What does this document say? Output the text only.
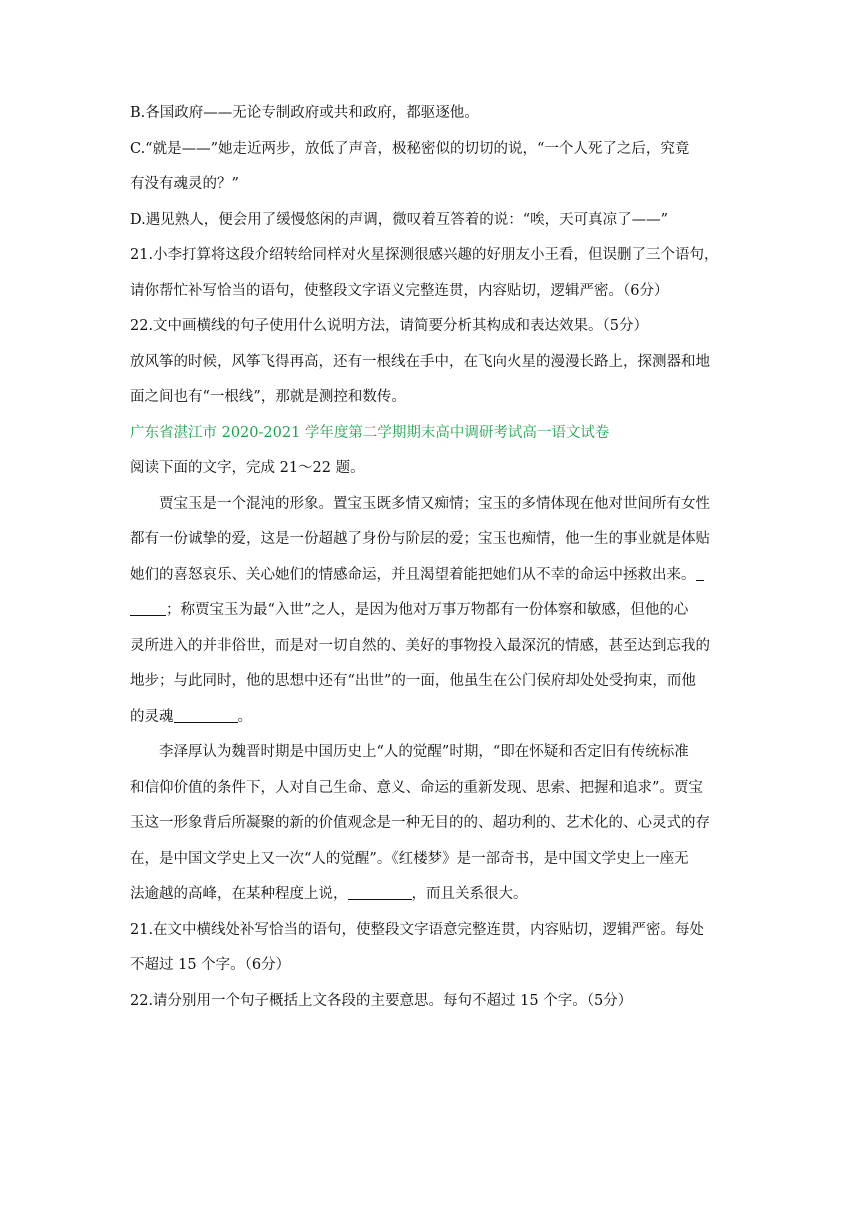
B.各国政府——无论专制政府或共和政府，都驱逐他。
C.“就是——”她走近两步，放低了声音，极秘密似的切切的说，“一个人死了之后，究竟
有没有魂灵的？”
D.遇见熟人，便会用了缓慢悠闲的声调，微叹着互答着的说：“唉，天可真凉了——”
21.小李打算将这段介绍转给同样对火星探测很感兴趣的好朋友小王看，但误删了三个语句，
请你帮忙补写恰当的语句，使整段文字语义完整连贯，内容贴切，逻辑严密。（6分）
22.文中画横线的句子使用什么说明方法，请简要分析其构成和表达效果。（5分）
放风筝的时候，风筝飞得再高，还有一根线在手中，在飞向火星的漫漫长路上，探测器和地
面之间也有“一根线”，那就是测控和数传。
广东省湛江市 2020-2021 学年度第二学期期末高中调研考试高一语文试卷
阅读下面的文字，完成 21～22 题。
贾宝玉是一个混沌的形象。置宝玉既多情又痴情；宝玉的多情体现在他对世间所有女性
都有一份诚挚的爱，这是一份超越了身份与阶层的爱；宝玉也痴情，他一生的事业就是体贴
她们的喜怒哀乐、关心她们的情感命运，并且渴望着能把她们从不幸的命运中拯救出来。
；称贾宝玉为最“入世”之人，是因为他对万事万物都有一份体察和敏感，但他的心
灵所进入的并非俗世，而是对一切自然的、美好的事物投入最深沉的情感，甚至达到忘我的
地步；与此同时，他的思想中还有“出世”的一面，他虽生在公门侯府却处处受拘束，而他
的灵魂	。
李泽厚认为魏晋时期是中国历史上“人的觉醒”时期，“即在怀疑和否定旧有传统标准
和信仰价值的条件下，人对自己生命、意义、命运的重新发现、思索、把握和追求”。贾宝
玉这一形象背后所凝聚的新的价值观念是一种无目的的、超功利的、艺术化的、心灵式的存
在，是中国文学史上又一次“人的觉醒”。《红楼梦》是一部奇书，是中国文学史上一座无
法逾越的高峰，在某种程度上说，	，而且关系很大。
21.在文中横线处补写恰当的语句，使整段文字语意完整连贯，内容贴切，逻辑严密。每处
不超过 15 个字。（6分）
22.请分别用一个句子概括上文各段的主要意思。每句不超过 15 个字。（5分）
